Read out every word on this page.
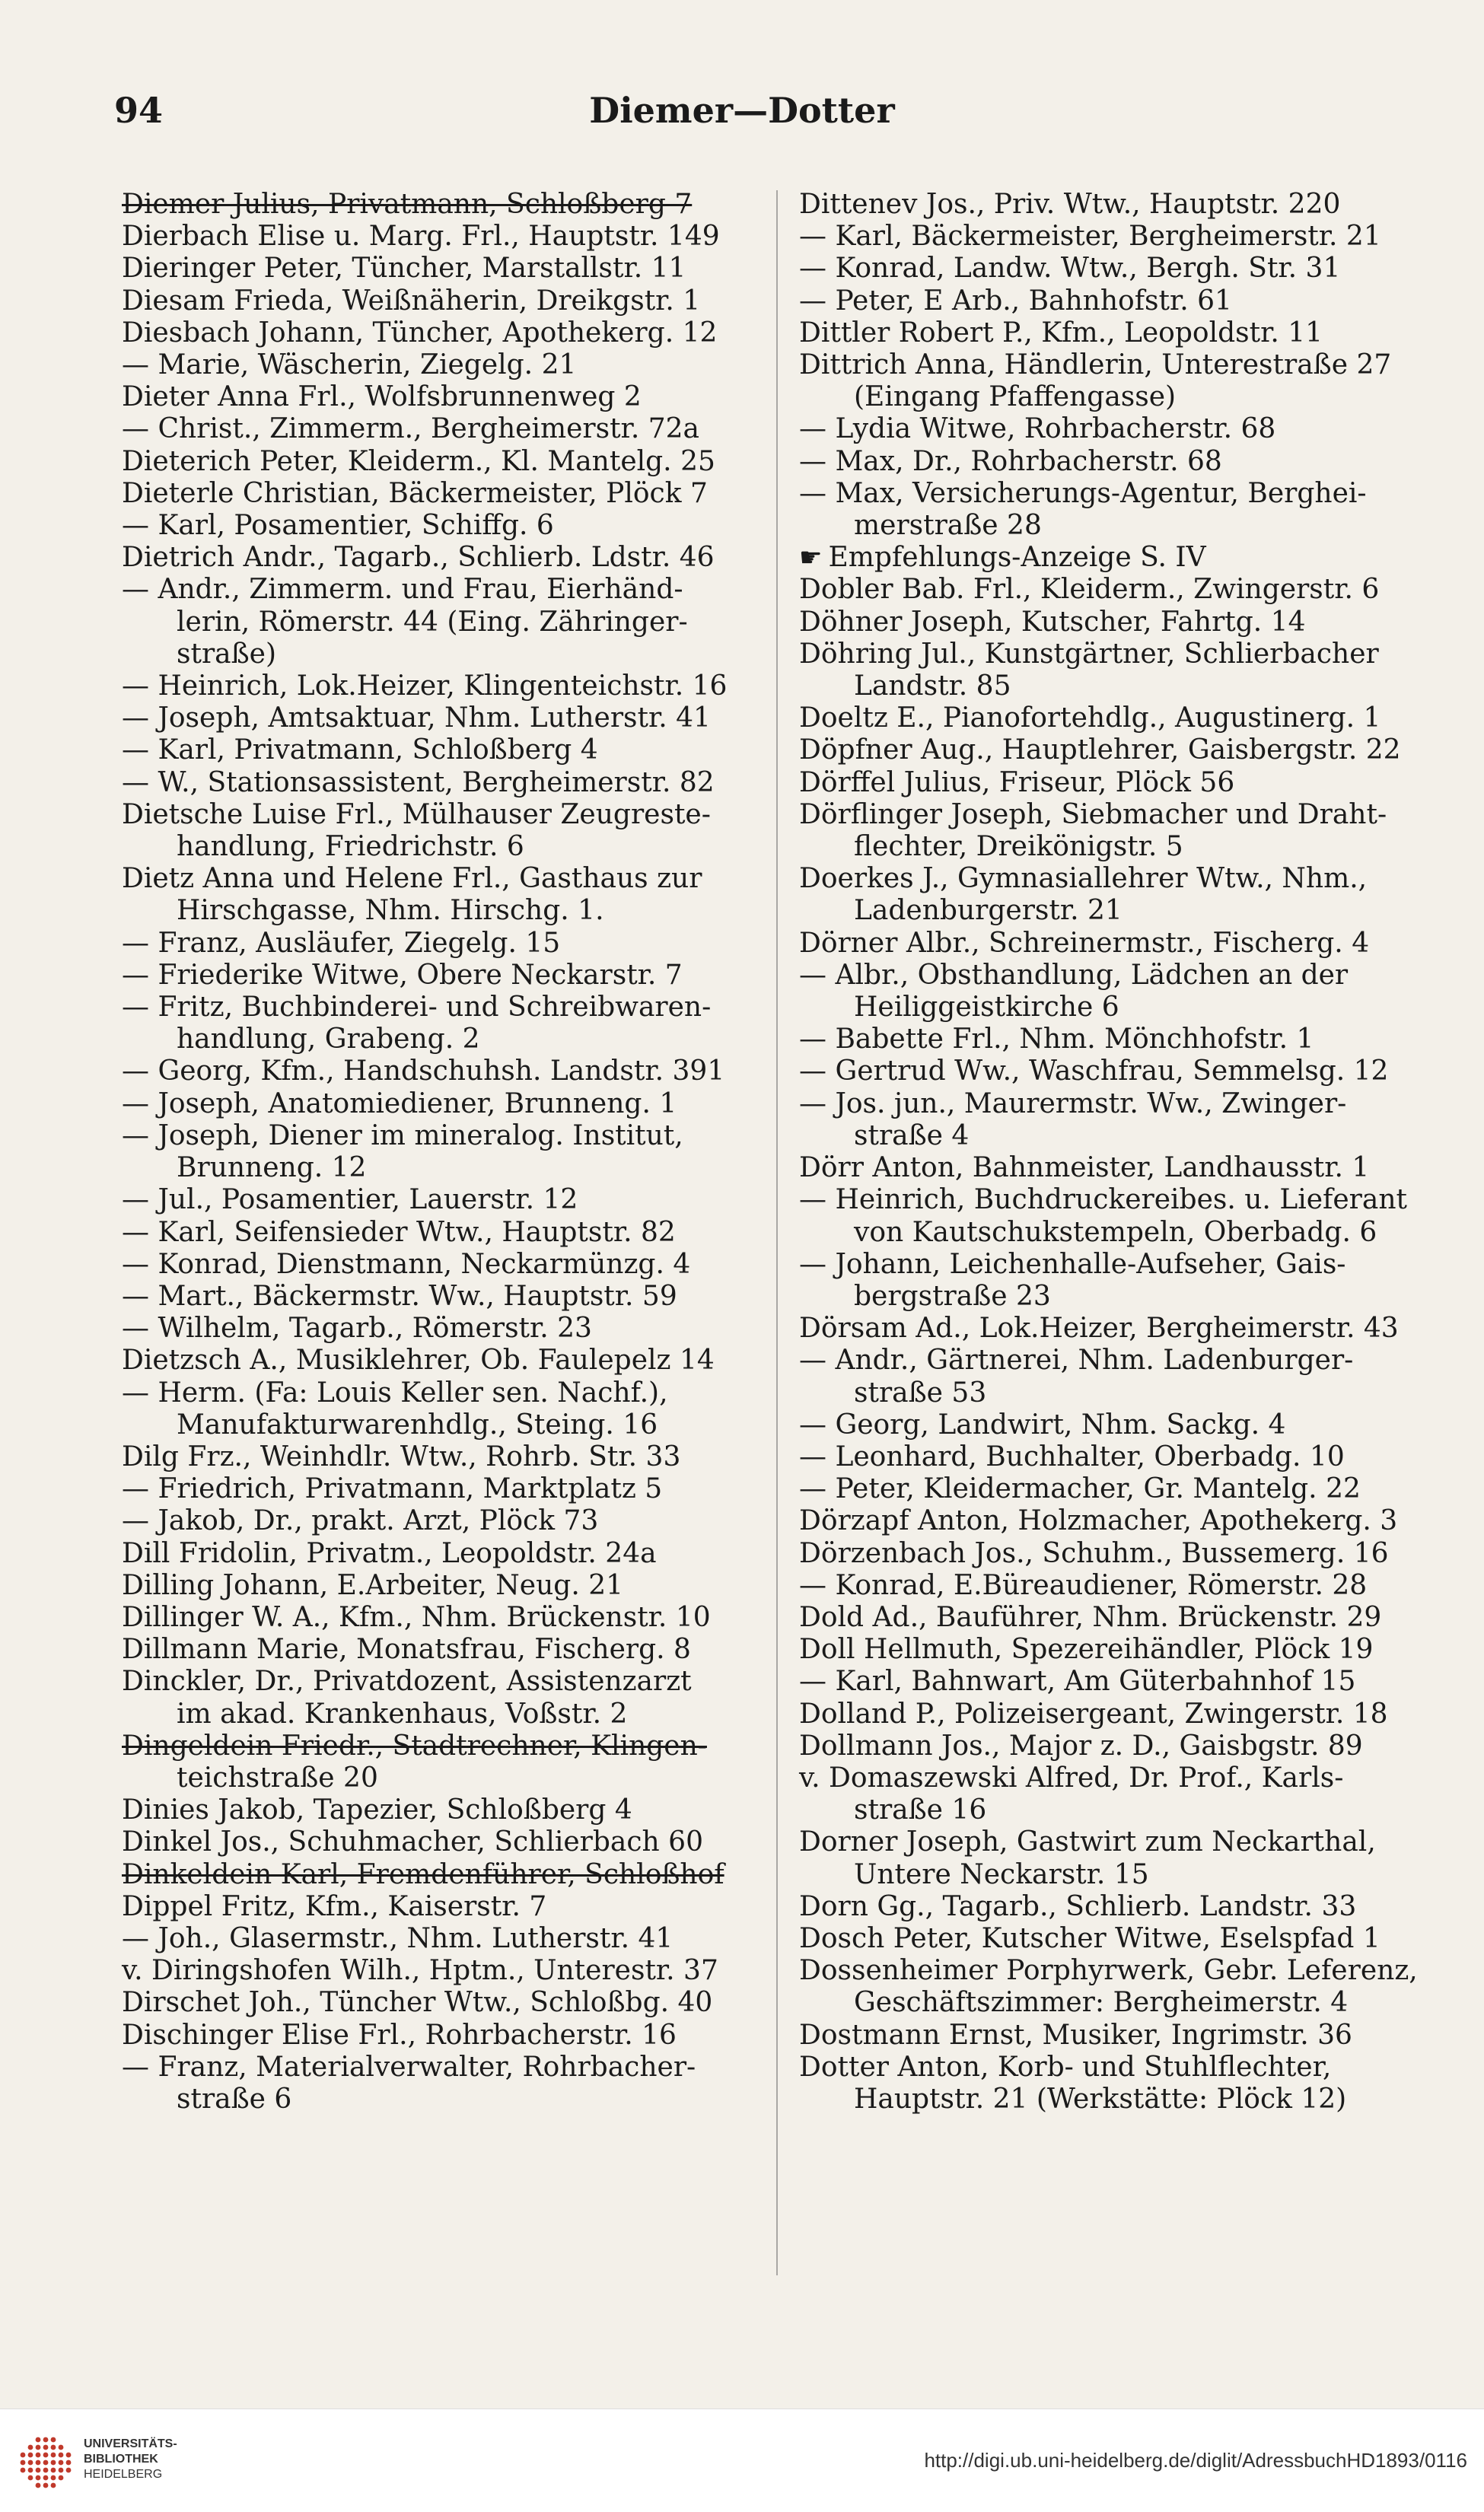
94	Diemer—Dotter
Diemer Julius, Privatmann, Schloßberg 7
Dierbach Elise u. Marg. Frl., Hauptstr. 149
Dieringer Peter, Tüncher, Marstallstr. 11
Diesam Frieda, Weißnäherin, Dreikgstr. 1
Diesbach Johann, Tüncher, Apothekerg. 12
— Marie, Wäscherin, Ziegelg. 21
Dieter Anna Frl., Wolfsbrunnenweg 2
— Christ., Zimmerm., Bergheimerstr. 72a
Dieterich Peter, Kleiderm., Kl. Mantelg. 25
Dieterle Christian, Bäckermeister, Plöck 7
— Karl, Posamentier, Schiffg. 6
Dietrich Andr., Tagarb., Schlierb. Ldstr. 46
— Andr., Zimmerm. und Frau, Eierhänd-
lerin, Römerstr. 44 (Eing. Zähringer-
straße)
— Heinrich, Lok.Heizer, Klingenteichstr. 16
— Joseph, Amtsaktuar, Nhm. Lutherstr. 41
— Karl, Privatmann, Schloßberg 4
— W., Stationsassistent, Bergheimerstr. 82
Dietsche Luise Frl., Mülhauser Zeugreste-
handlung, Friedrichstr. 6
Dietz Anna und Helene Frl., Gasthaus zur
Hirschgasse, Nhm. Hirschg. 1.
— Franz, Ausläufer, Ziegelg. 15
— Friederike Witwe, Obere Neckarstr. 7
— Fritz, Buchbinderei- und Schreibwaren-
handlung, Grabeng. 2
— Georg, Kfm., Handschuhsh. Landstr. 391
— Joseph, Anatomiediener, Brunneng. 1
— Joseph, Diener im mineralog. Institut,
Brunneng. 12
— Jul., Posamentier, Lauerstr. 12
— Karl, Seifensieder Wtw., Hauptstr. 82
— Konrad, Dienstmann, Neckarmünzg. 4
— Mart., Bäckermstr. Ww., Hauptstr. 59
— Wilhelm, Tagarb., Römerstr. 23
Dietzsch A., Musiklehrer, Ob. Faulepelz 14
— Herm. (Fa: Louis Keller sen. Nachf.),
Manufakturwarenhdlg., Steing. 16
Dilg Frz., Weinhdlr. Wtw., Rohrb. Str. 33
— Friedrich, Privatmann, Marktplatz 5
— Jakob, Dr., prakt. Arzt, Plöck 73
Dill Fridolin, Privatm., Leopoldstr. 24a
Dilling Johann, E.Arbeiter, Neug. 21
Dillinger W. A., Kfm., Nhm. Brückenstr. 10
Dillmann Marie, Monatsfrau, Fischerg. 8
Dinckler, Dr., Privatdozent, Assistenzarzt
im akad. Krankenhaus, Voßstr. 2
Dingeldein Friedr., Stadtrechner, Klingen-
teichstraße 20
Dinies Jakob, Tapezier, Schloßberg 4
Dinkel Jos., Schuhmacher, Schlierbach 60
Dinkeldein Karl, Fremdenführer, Schloßhof
Dippel Fritz, Kfm., Kaiserstr. 7
— Joh., Glasermstr., Nhm. Lutherstr. 41
v. Diringshofen Wilh., Hptm., Unterestr. 37
Dirschet Joh., Tüncher Wtw., Schloßbg. 40
Dischinger Elise Frl., Rohrbacherstr. 16
— Franz, Materialverwalter, Rohrbacher-
straße 6
Dittenev Jos., Priv. Wtw., Hauptstr. 220
— Karl, Bäckermeister, Bergheimerstr. 21
— Konrad, Landw. Wtw., Bergh. Str. 31
— Peter, E Arb., Bahnhofstr. 61
Dittler Robert P., Kfm., Leopoldstr. 11
Dittrich Anna, Händlerin, Unterestraße 27
(Eingang Pfaffengasse)
— Lydia Witwe, Rohrbacherstr. 68
— Max, Dr., Rohrbacherstr. 68
— Max, Versicherungs-Agentur, Berghei-
merstraße 28
☛ Empfehlungs-Anzeige S. IV
Dobler Bab. Frl., Kleiderm., Zwingerstr. 6
Döhner Joseph, Kutscher, Fahrtg. 14
Döhring Jul., Kunstgärtner, Schlierbacher
Landstr. 85
Doeltz E., Pianofortehdlg., Augustinerg. 1
Döpfner Aug., Hauptlehrer, Gaisbergstr. 22
Dörffel Julius, Friseur, Plöck 56
Dörflinger Joseph, Siebmacher und Draht-
flechter, Dreikönigstr. 5
Doerkes J., Gymnasiallehrer Wtw., Nhm.,
Ladenburgerstr. 21
Dörner Albr., Schreinermstr., Fischerg. 4
— Albr., Obsthandlung, Lädchen an der
Heiliggeistkirche 6
— Babette Frl., Nhm. Mönchhofstr. 1
— Gertrud Ww., Waschfrau, Semmelsg. 12
— Jos. jun., Maurermstr. Ww., Zwinger-
straße 4
Dörr Anton, Bahnmeister, Landhausstr. 1
— Heinrich, Buchdruckereibes. u. Lieferant
von Kautschukstempeln, Oberbadg. 6
— Johann, Leichenhalle-Aufseher, Gais-
bergstraße 23
Dörsam Ad., Lok.Heizer, Bergheimerstr. 43
— Andr., Gärtnerei, Nhm. Ladenburger-
straße 53
— Georg, Landwirt, Nhm. Sackg. 4
— Leonhard, Buchhalter, Oberbadg. 10
— Peter, Kleidermacher, Gr. Mantelg. 22
Dörzapf Anton, Holzmacher, Apothekerg. 3
Dörzenbach Jos., Schuhm., Bussemerg. 16
— Konrad, E.Büreaudiener, Römerstr. 28
Dold Ad., Bauführer, Nhm. Brückenstr. 29
Doll Hellmuth, Spezereihändler, Plöck 19
— Karl, Bahnwart, Am Güterbahnhof 15
Dolland P., Polizeisergeant, Zwingerstr. 18
Dollmann Jos., Major z. D., Gaisbgstr. 89
v. Domaszewski Alfred, Dr. Prof., Karls-
straße 16
Dorner Joseph, Gastwirt zum Neckarthal,
Untere Neckarstr. 15
Dorn Gg., Tagarb., Schlierb. Landstr. 33
Dosch Peter, Kutscher Witwe, Eselspfad 1
Dossenheimer Porphyrwerk, Gebr. Leferenz,
Geschäftszimmer: Bergheimerstr. 4
Dostmann Ernst, Musiker, Ingrimstr. 36
Dotter Anton, Korb- und Stuhlflechter,
Hauptstr. 21 (Werkstätte: Plöck 12)
UNIVERSITÄTS-
BIBLIOTHEK
HEIDELBERG
http://digi.ub.uni-heidelberg.de/diglit/AdressbuchHD1893/0116
